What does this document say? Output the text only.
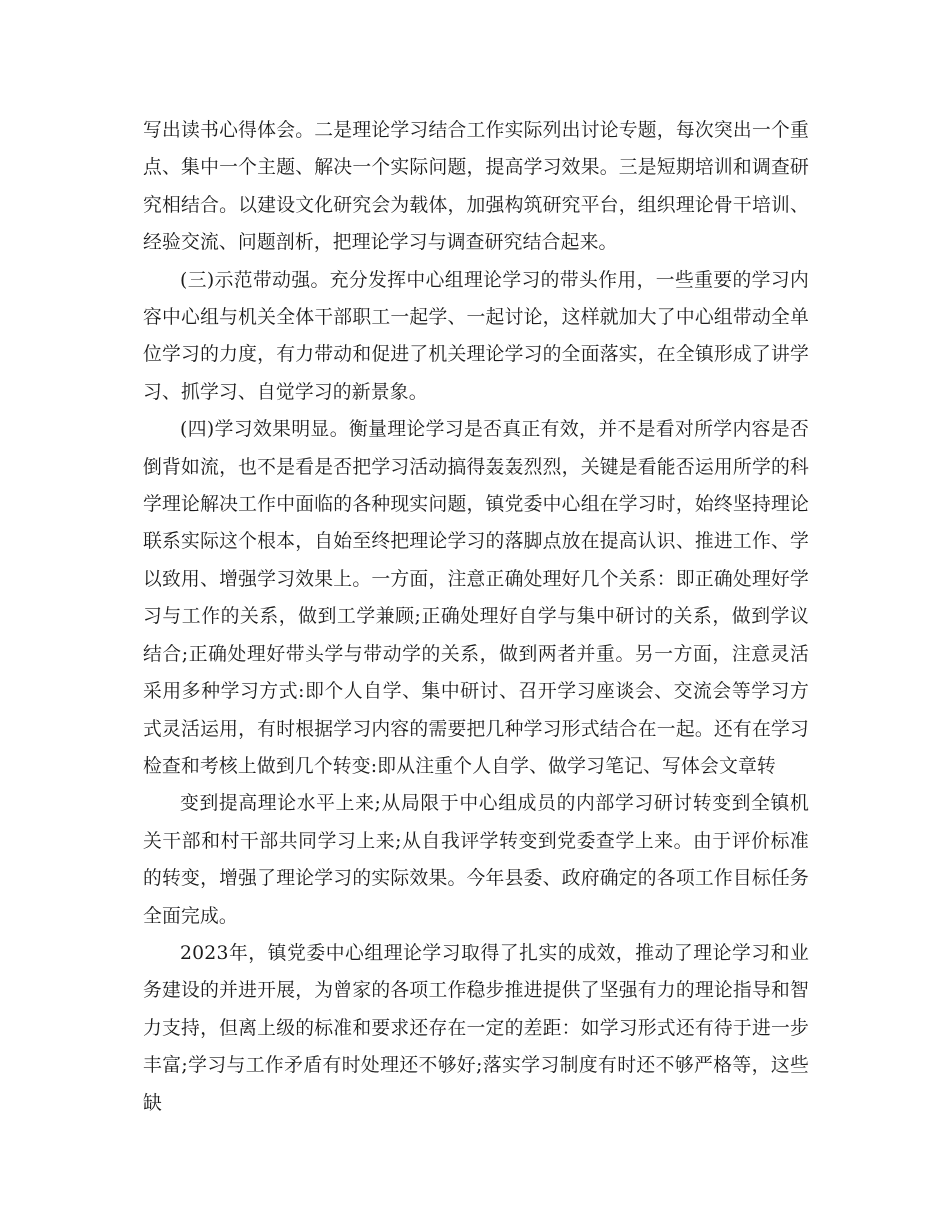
写出读书心得体会。二是理论学习结合工作实际列出讨论专题，每次突出一个重点、集中一个主题、解决一个实际问题，提高学习效果。三是短期培训和调查研究相结合。以建设文化研究会为载体，加强构筑研究平台，组织理论骨干培训、经验交流、问题剖析，把理论学习与调查研究结合起来。

(三)示范带动强。充分发挥中心组理论学习的带头作用，一些重要的学习内容中心组与机关全体干部职工一起学、一起讨论，这样就加大了中心组带动全单位学习的力度，有力带动和促进了机关理论学习的全面落实，在全镇形成了讲学习、抓学习、自觉学习的新景象。

(四)学习效果明显。衡量理论学习是否真正有效，并不是看对所学内容是否倒背如流，也不是看是否把学习活动搞得轰轰烈烈，关键是看能否运用所学的科学理论解决工作中面临的各种现实问题，镇党委中心组在学习时，始终坚持理论联系实际这个根本，自始至终把理论学习的落脚点放在提高认识、推进工作、学以致用、增强学习效果上。一方面，注意正确处理好几个关系：即正确处理好学习与工作的关系，做到工学兼顾;正确处理好自学与集中研讨的关系，做到学议结合;正确处理好带头学与带动学的关系，做到两者并重。另一方面，注意灵活采用多种学习方式:即个人自学、集中研讨、召开学习座谈会、交流会等学习方式灵活运用，有时根据学习内容的需要把几种学习形式结合在一起。还有在学习检查和考核上做到几个转变:即从注重个人自学、做学习笔记、写体会文章转

变到提高理论水平上来;从局限于中心组成员的内部学习研讨转变到全镇机关干部和村干部共同学习上来;从自我评学转变到党委查学上来。由于评价标准的转变，增强了理论学习的实际效果。今年县委、政府确定的各项工作目标任务全面完成。

2023年，镇党委中心组理论学习取得了扎实的成效，推动了理论学习和业务建设的并进开展，为曾家的各项工作稳步推进提供了坚强有力的理论指导和智力支持，但离上级的标准和要求还存在一定的差距：如学习形式还有待于进一步丰富;学习与工作矛盾有时处理还不够好;落实学习制度有时还不够严格等，这些缺
